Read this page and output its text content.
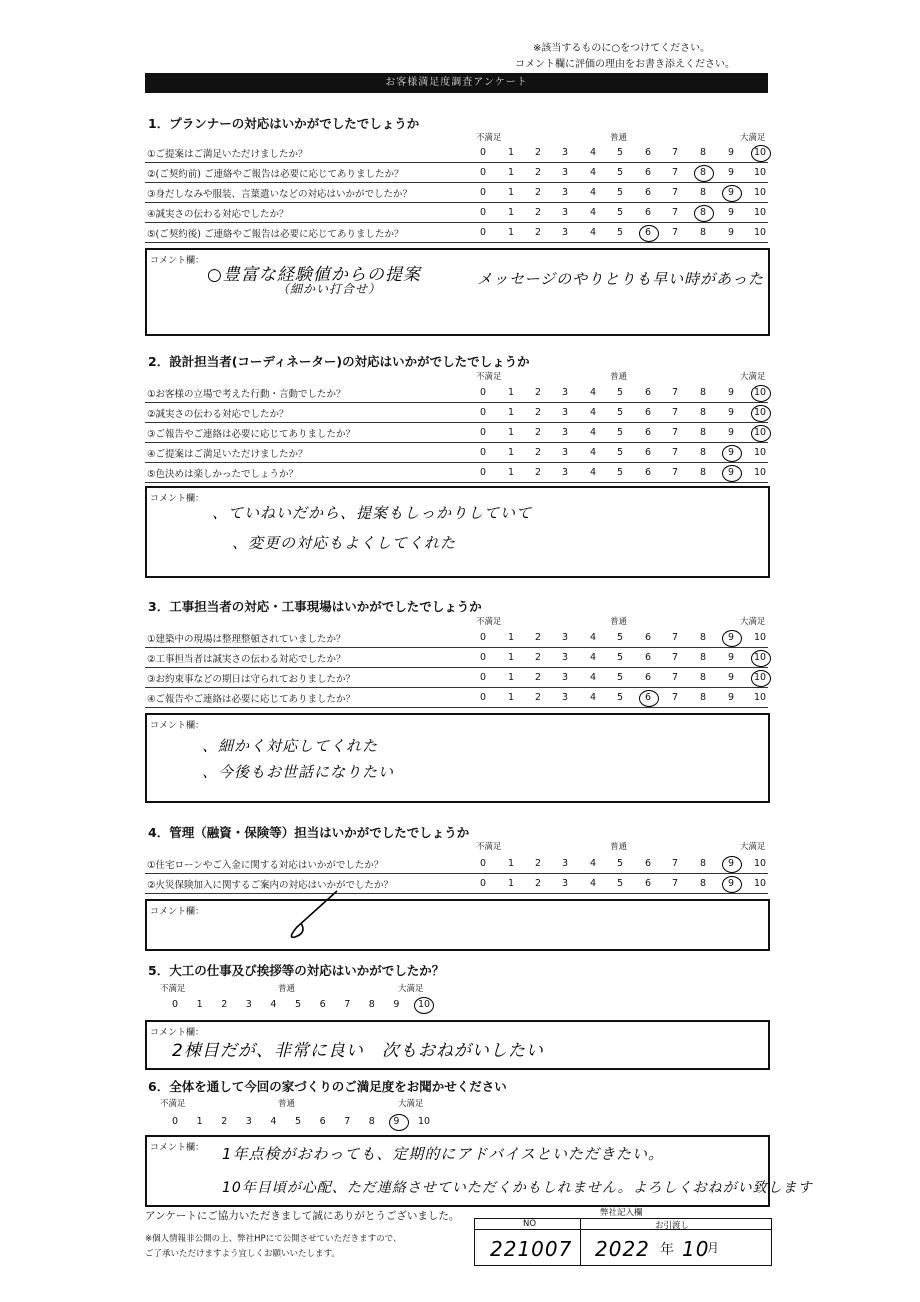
※該当するものに○をつけてください。
コメント欄に評価の理由をお書き添えください。
お客様満足度調査アンケート
1．プランナーの対応はいかがでしたでしょうか
不満足	普通	大満足
①ご提案はご満足いただけましたか？	0	1	2	3	4	5	6	7	8	9	10
②(ご契約前) ご連絡やご報告は必要に応じてありましたか？	0	1	2	3	4	5	6	7	8	9	10
③身だしなみや服装、言葉遣いなどの対応はいかがでしたか？	0	1	2	3	4	5	6	7	8	9	10
④誠実さの伝わる対応でしたか？	0	1	2	3	4	5	6	7	8	9	10
⑤(ご契約後) ご連絡やご報告は必要に応じてありましたか？	0	1	2	3	4	5	6	7	8	9	10
コメント欄：
○豊富な経験値からの提案
（細かい打合せ）
メッセージのやりとりも早い時があった
2．設計担当者(コーディネーター)の対応はいかがでしたでしょうか
不満足	普通	大満足
①お客様の立場で考えた行動・言動でしたか？	0	1	2	3	4	5	6	7	8	9	10
②誠実さの伝わる対応でしたか？	0	1	2	3	4	5	6	7	8	9	10
③ご報告やご連絡は必要に応じてありましたか？	0	1	2	3	4	5	6	7	8	9	10
④ご提案はご満足いただけましたか？	0	1	2	3	4	5	6	7	8	9	10
⑤色決めは楽しかったでしょうか？	0	1	2	3	4	5	6	7	8	9	10
コメント欄：
、ていねいだから、提案もしっかりしていて
、変更の対応もよくしてくれた
3．工事担当者の対応・工事現場はいかがでしたでしょうか
不満足	普通	大満足
①建築中の現場は整理整頓されていましたか？	0	1	2	3	4	5	6	7	8	9	10
②工事担当者は誠実さの伝わる対応でしたか？	0	1	2	3	4	5	6	7	8	9	10
③お約束事などの期日は守られておりましたか？	0	1	2	3	4	5	6	7	8	9	10
④ご報告やご連絡は必要に応じてありましたか？	0	1	2	3	4	5	6	7	8	9	10
コメント欄：
、細かく対応してくれた
、今後もお世話になりたい
4．管理（融資・保険等）担当はいかがでしたでしょうか
不満足	普通	大満足
①住宅ローンやご入金に関する対応はいかがでしたか？	0	1	2	3	4	5	6	7	8	9	10
②火災保険加入に関するご案内の対応はいかがでしたか？	0	1	2	3	4	5	6	7	8	9	10
コメント欄：
5．大工の仕事及び挨拶等の対応はいかがでしたか？
不満足	普通	大満足
0 1 2 3 4 5 6 7 8 9 10
コメント欄：
2棟目だが、非常に良い　次もおねがいしたい
6．全体を通して今回の家づくりのご満足度をお聞かせください
不満足	普通	大満足
0 1 2 3 4 5 6 7 8 9 10
コメント欄： 1年点検がおわっても、定期的にアドバイスといただきたい。
10年目頃が心配、ただ連絡させていただくかもしれません。よろしくおねがい致します
アンケートにご協力いただきまして誠にありがとうございました。
※個人情報非公開の上、弊社HPにて公開させていただきますので、
ご了承いただけますよう宜しくお願いいたします。
弊社記入欄
NO	お引渡し
221007 2022 年 10
月
